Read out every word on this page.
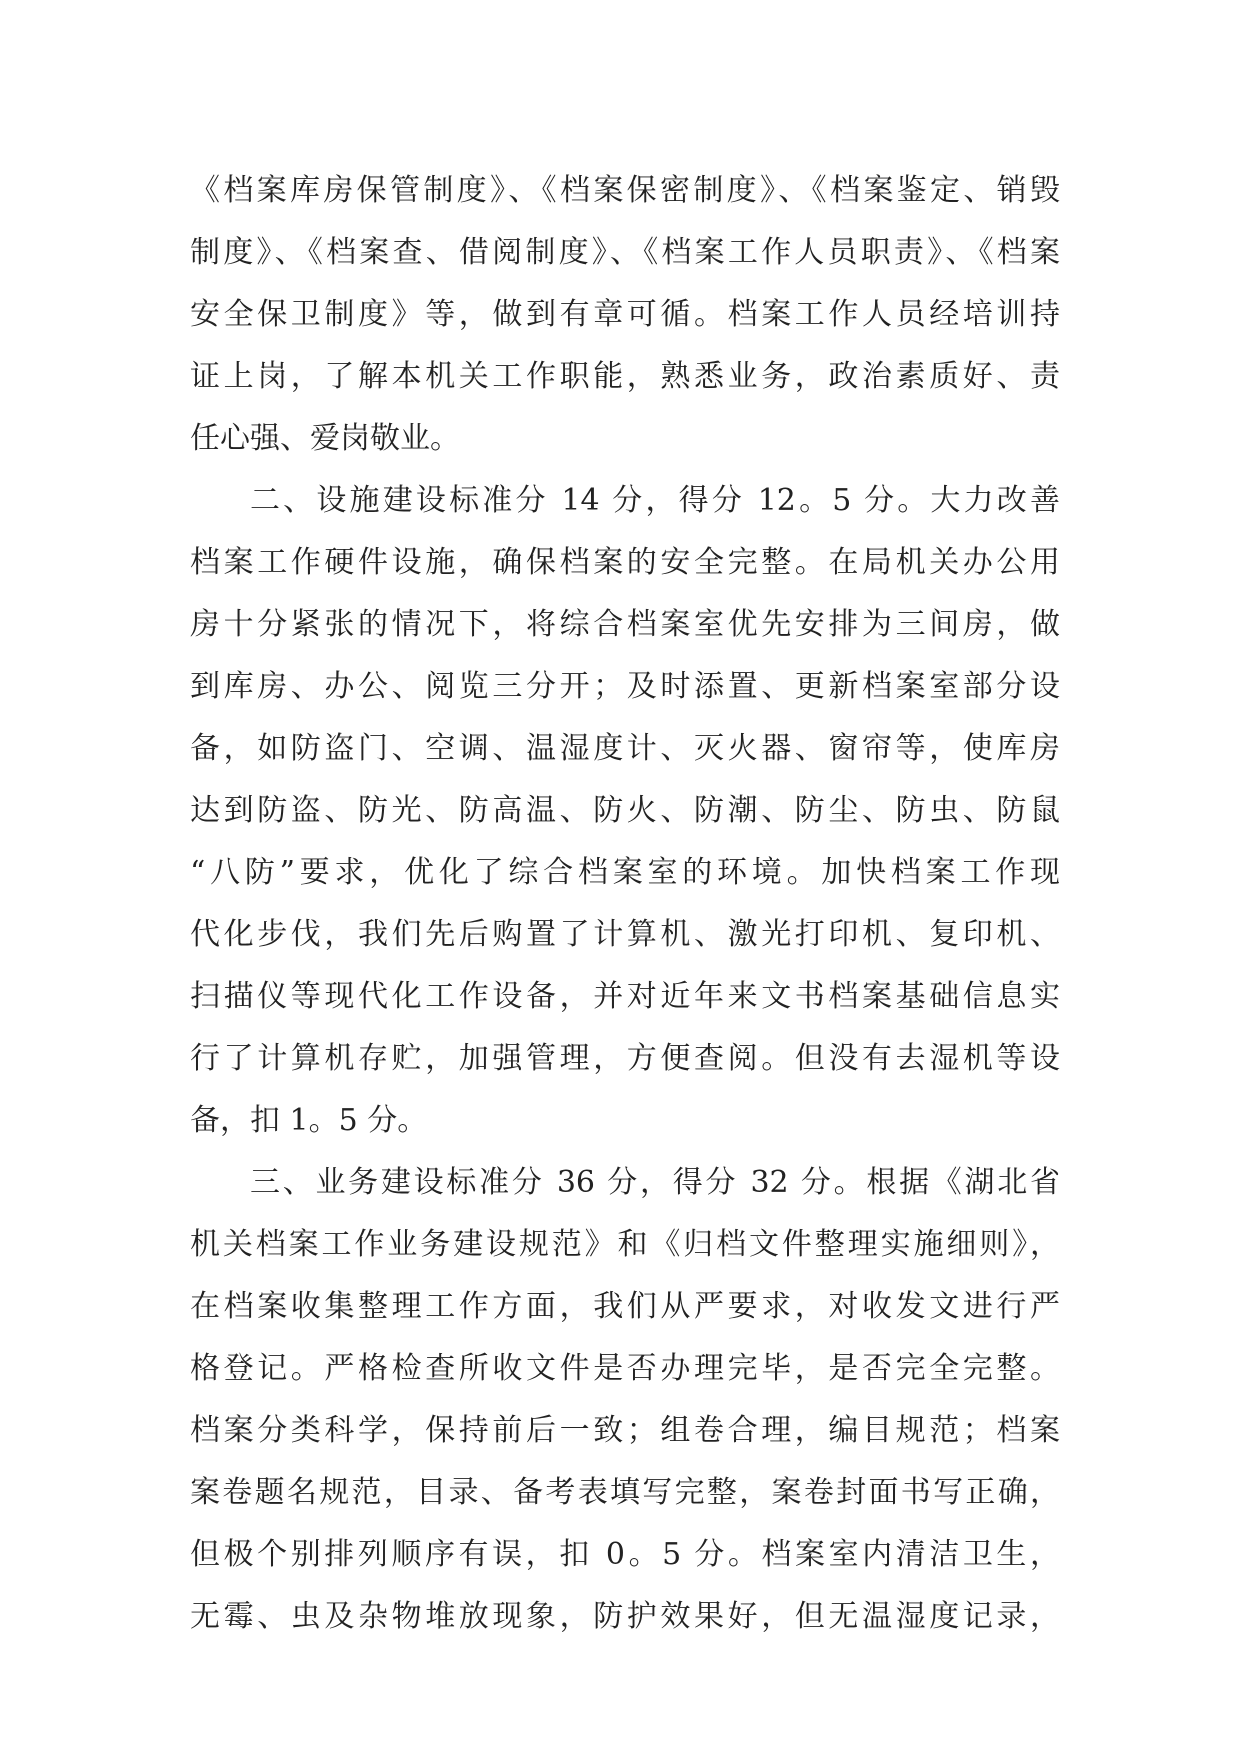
《档案库房保管制度》、《档案保密制度》、《档案鉴定、销毁
制度》、《档案查、借阅制度》、《档案工作人员职责》、《档案
安全保卫制度》等，做到有章可循。档案工作人员经培训持
证上岗，了解本机关工作职能，熟悉业务，政治素质好、责
任心强、爱岗敬业。
二、设施建设标准分 14 分，得分 12。5 分。大力改善
档案工作硬件设施，确保档案的安全完整。在局机关办公用
房十分紧张的情况下，将综合档案室优先安排为三间房，做
到库房、办公、阅览三分开；及时添置、更新档案室部分设
备，如防盗门、空调、温湿度计、灭火器、窗帘等，使库房
达到防盗、防光、防高温、防火、防潮、防尘、防虫、防鼠
“八防”要求，优化了综合档案室的环境。加快档案工作现
代化步伐，我们先后购置了计算机、激光打印机、复印机、
扫描仪等现代化工作设备，并对近年来文书档案基础信息实
行了计算机存贮，加强管理，方便查阅。但没有去湿机等设
备，扣 1。5 分。
三、业务建设标准分 36 分，得分 32 分。根据《湖北省
机关档案工作业务建设规范》和《归档文件整理实施细则》，
在档案收集整理工作方面，我们从严要求，对收发文进行严
格登记。严格检查所收文件是否办理完毕，是否完全完整。
档案分类科学，保持前后一致；组卷合理，编目规范；档案
案卷题名规范，目录、备考表填写完整，案卷封面书写正确，
但极个别排列顺序有误，扣 0。5 分。档案室内清洁卫生，
无霉、虫及杂物堆放现象，防护效果好，但无温湿度记录，
